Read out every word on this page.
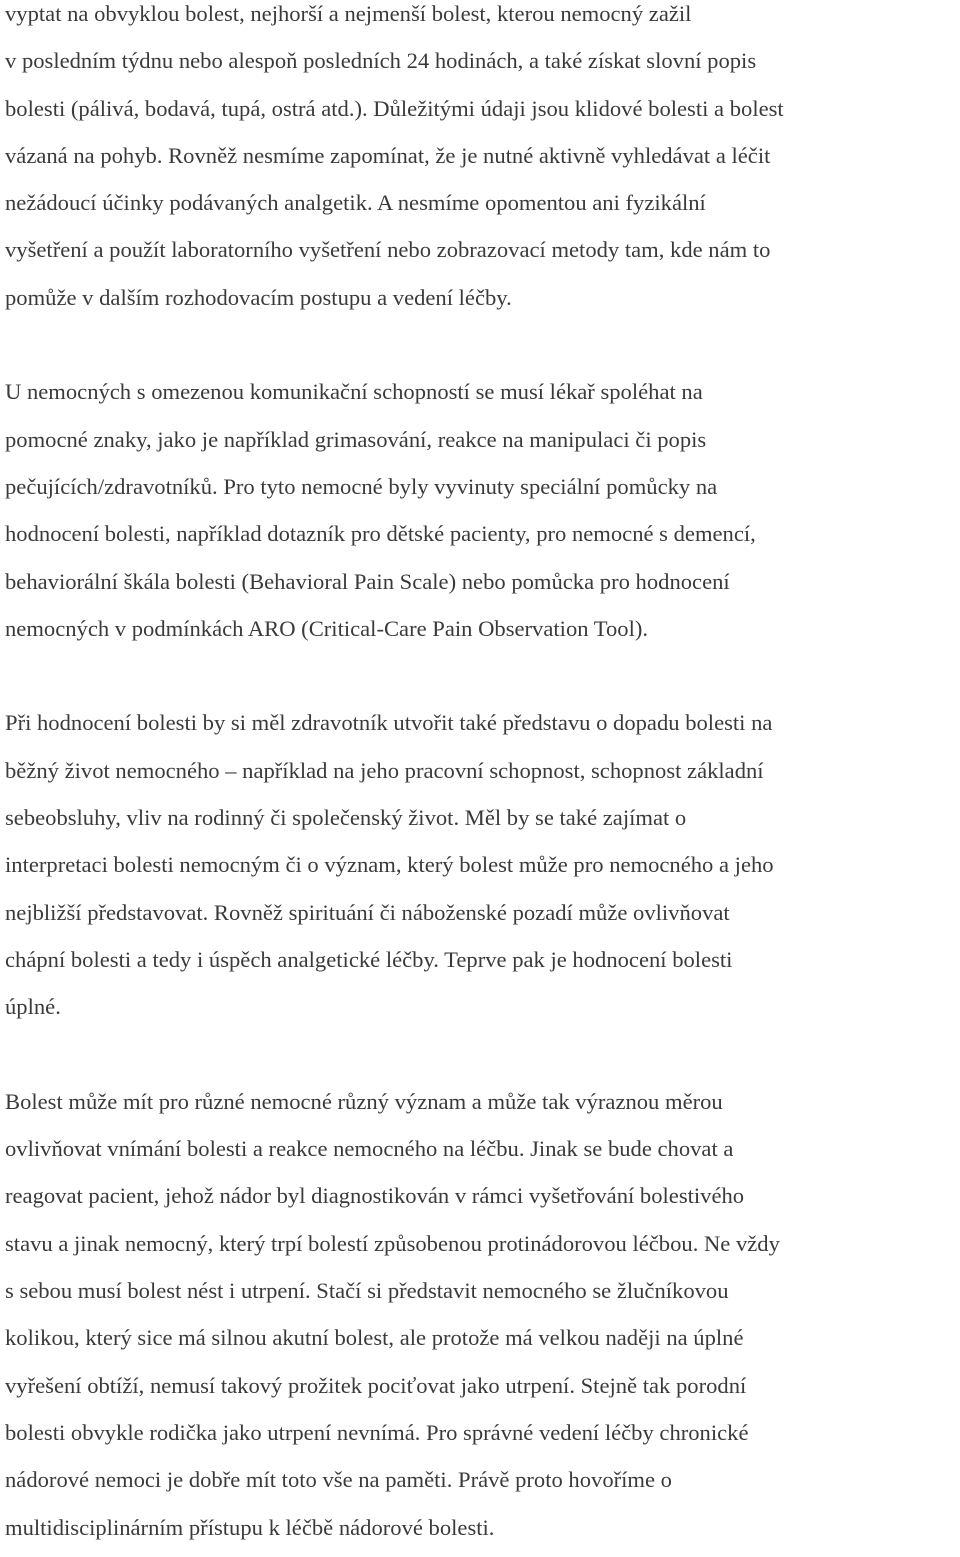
vyptat na obvyklou bolest, nejhorší a nejmenší bolest, kterou nemocný zažil
v posledním týdnu nebo alespoň posledních 24 hodinách, a také získat slovní popis
bolesti (pálivá, bodavá, tupá, ostrá atd.). Důležitými údaji jsou klidové bolesti a bolest
vázaná na pohyb. Rovněž nesmíme zapomínat, že je nutné aktivně vyhledávat a léčit
nežádoucí účinky podávaných analgetik. A nesmíme opomentou ani fyzikální
vyšetření a použít laboratorního vyšetření nebo zobrazovací metody tam, kde nám to
pomůže v dalším rozhodovacím postupu a vedení léčby.

U nemocných s omezenou komunikační schopností se musí lékař spoléhat na
pomocné znaky, jako je například grimasování, reakce na manipulaci či popis
pečujících/zdravotníků. Pro tyto nemocné byly vyvinuty speciální pomůcky na
hodnocení bolesti, například dotazník pro dětské pacienty, pro nemocné s demencí,
behaviorální škála bolesti (Behavioral Pain Scale) nebo pomůcka pro hodnocení
nemocných v podmínkách ARO (Critical-Care Pain Observation Tool).

Při hodnocení bolesti by si měl zdravotník utvořit také představu o dopadu bolesti na
běžný život nemocného – například na jeho pracovní schopnost, schopnost základní
sebeobsluhy, vliv na rodinný či společenský život. Měl by se také zajímat o
interpretaci bolesti nemocným či o význam, který bolest může pro nemocného a jeho
nejbližší představovat. Rovněž spirituání či náboženské pozadí může ovlivňovat
chápní bolesti a tedy i úspěch analgetické léčby. Teprve pak je hodnocení bolesti
úplné.

Bolest může mít pro různé nemocné různý význam a může tak výraznou měrou
ovlivňovat vnímání bolesti a reakce nemocného na léčbu. Jinak se bude chovat a
reagovat pacient, jehož nádor byl diagnostikován v rámci vyšetřování bolestivého
stavu a jinak nemocný, který trpí bolestí způsobenou protinádorovou léčbou. Ne vždy
s sebou musí bolest nést i utrpení. Stačí si představit nemocného se žlučníkovou
kolikou, který sice má silnou akutní bolest, ale protože má velkou naději na úplné
vyřešení obtíží, nemusí takový prožitek pociťovat jako utrpení. Stejně tak porodní
bolesti obvykle rodička jako utrpení nevnímá. Pro správné vedení léčby chronické
nádorové nemoci je dobře mít toto vše na paměti. Právě proto hovoříme o
multidisciplinárním přístupu k léčbě nádorové bolesti.
